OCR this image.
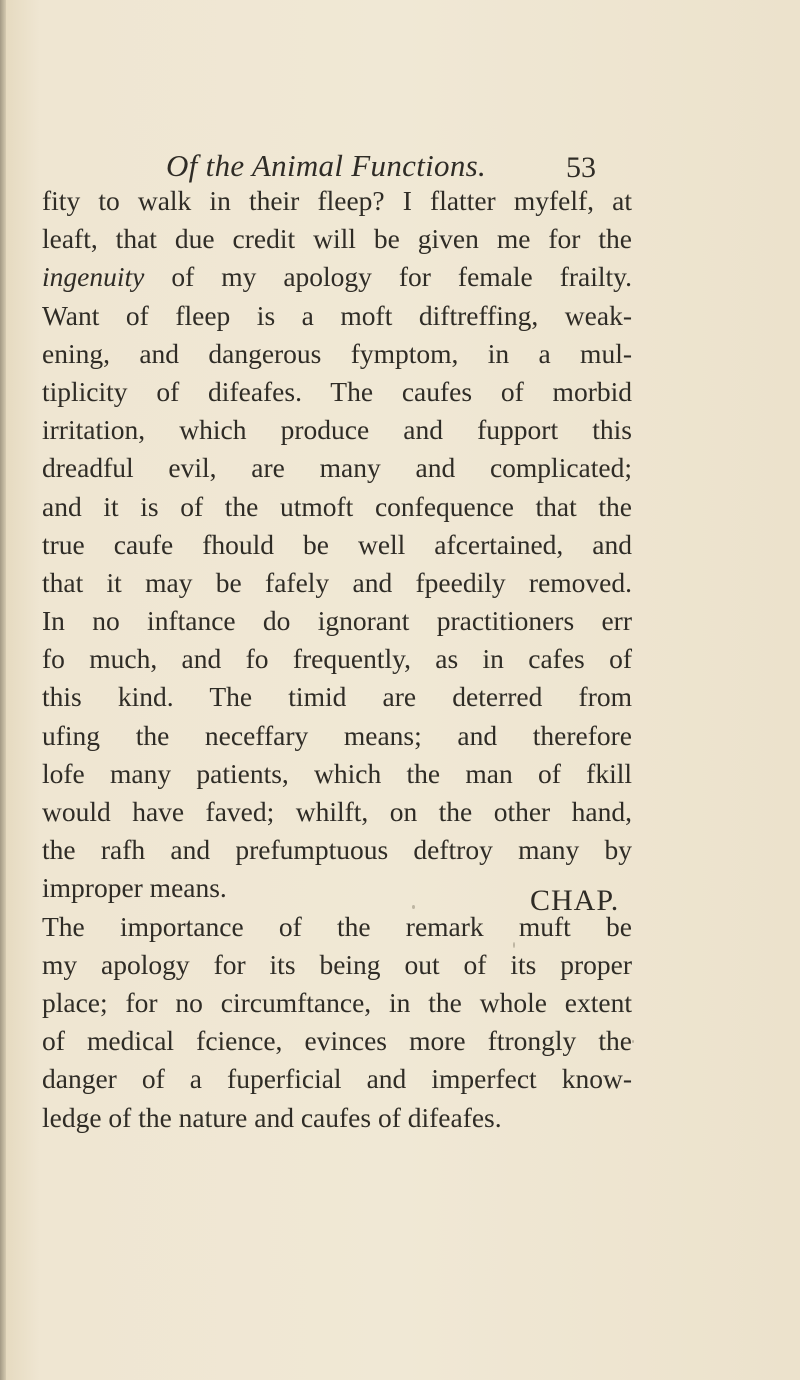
Of the Animal Functions.	53
fity to walk in their fleep? I flatter myfelf, at
leaft, that due credit will be given me for the
ingenuity of my apology for female frailty.
Want of fleep is a moft diftreffing, weak-
ening, and dangerous fymptom, in a mul-
tiplicity of difeafes. The caufes of morbid
irritation, which produce and fupport this
dreadful evil, are many and complicated;
and it is of the utmoft confequence that the
true caufe fhould be well afcertained, and
that it may be fafely and fpeedily removed.
In no inftance do ignorant practitioners err
fo much, and fo frequently, as in cafes of
this kind. The timid are deterred from
ufing the neceffary means; and therefore
lofe many patients, which the man of fkill
would have faved; whilft, on the other hand,
the rafh and prefumptuous deftroy many by
improper means.
The importance of the remark muft be
my apology for its being out of its proper
place; for no circumftance, in the whole extent
of medical fcience, evinces more ftrongly the
danger of a fuperficial and imperfect know-
ledge of the nature and caufes of difeafes.
CHAP.
